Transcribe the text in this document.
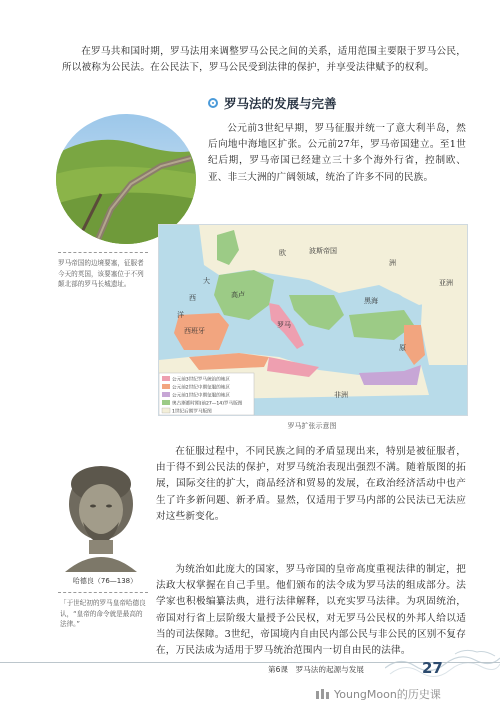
在罗马共和国时期，罗马法用来调整罗马公民之间的关系，适用范围主要限于罗马公民，所以被称为公民法。在公民法下，罗马公民受到法律的保护，并享受法律赋予的权利。

罗马法的发展与完善

公元前3世纪早期，罗马征服并统一了意大利半岛，然后向地中海地区扩张。公元前27年，罗马帝国建立。至1世纪后期，罗马帝国已经建立三十多个海外行省，控制欧、亚、非三大洲的广阔领域，统治了许多不同的民族。

罗马帝国的边境要塞，征服者今天的英国，该要塞位于不列颠北部的罗马长城遗址。
波斯帝国
大
西
洋
高卢
西班牙
罗马
黑海
亚洲
非洲
欧
洲
原
公元前3世纪罗马统治的地区
公元前2世纪中期征服的地区
公元前1世纪中期征服的地区
奥古斯都时期(前27—14)罗马版图
1世纪后期罗马版图
罗马扩张示意图
哈德良（76—138）
「于世纪初的罗马皇帝哈德良认，“皇帝的命令就是最高的法律。”

在征服过程中，不同民族之间的矛盾显现出来，特别是被征服者，由于得不到公民法的保护，对罗马统治表现出强烈不满。随着版图的拓展，国际交往的扩大，商品经济和贸易的发展，在政治经济活动中也产生了许多新问题、新矛盾。显然，仅适用于罗马内部的公民法已无法应对这些新变化。

为统治如此庞大的国家，罗马帝国的皇帝高度重视法律的制定，把法政大权掌握在自己手里。他们颁布的法令成为罗马法的组成部分。法学家也积极编纂法典，进行法律解释，以充实罗马法律。为巩固统治，帝国对行省上层阶级大量授予公民权，对无罗马公民权的外邦人给以适当的司法保障。3世纪，帝国境内自由民内部公民与非公民的区别不复存在，万民法成为适用于罗马统治范围内一切自由民的法律。

第6课　罗马法的起源与发展	27
YoungMoon的历史课
